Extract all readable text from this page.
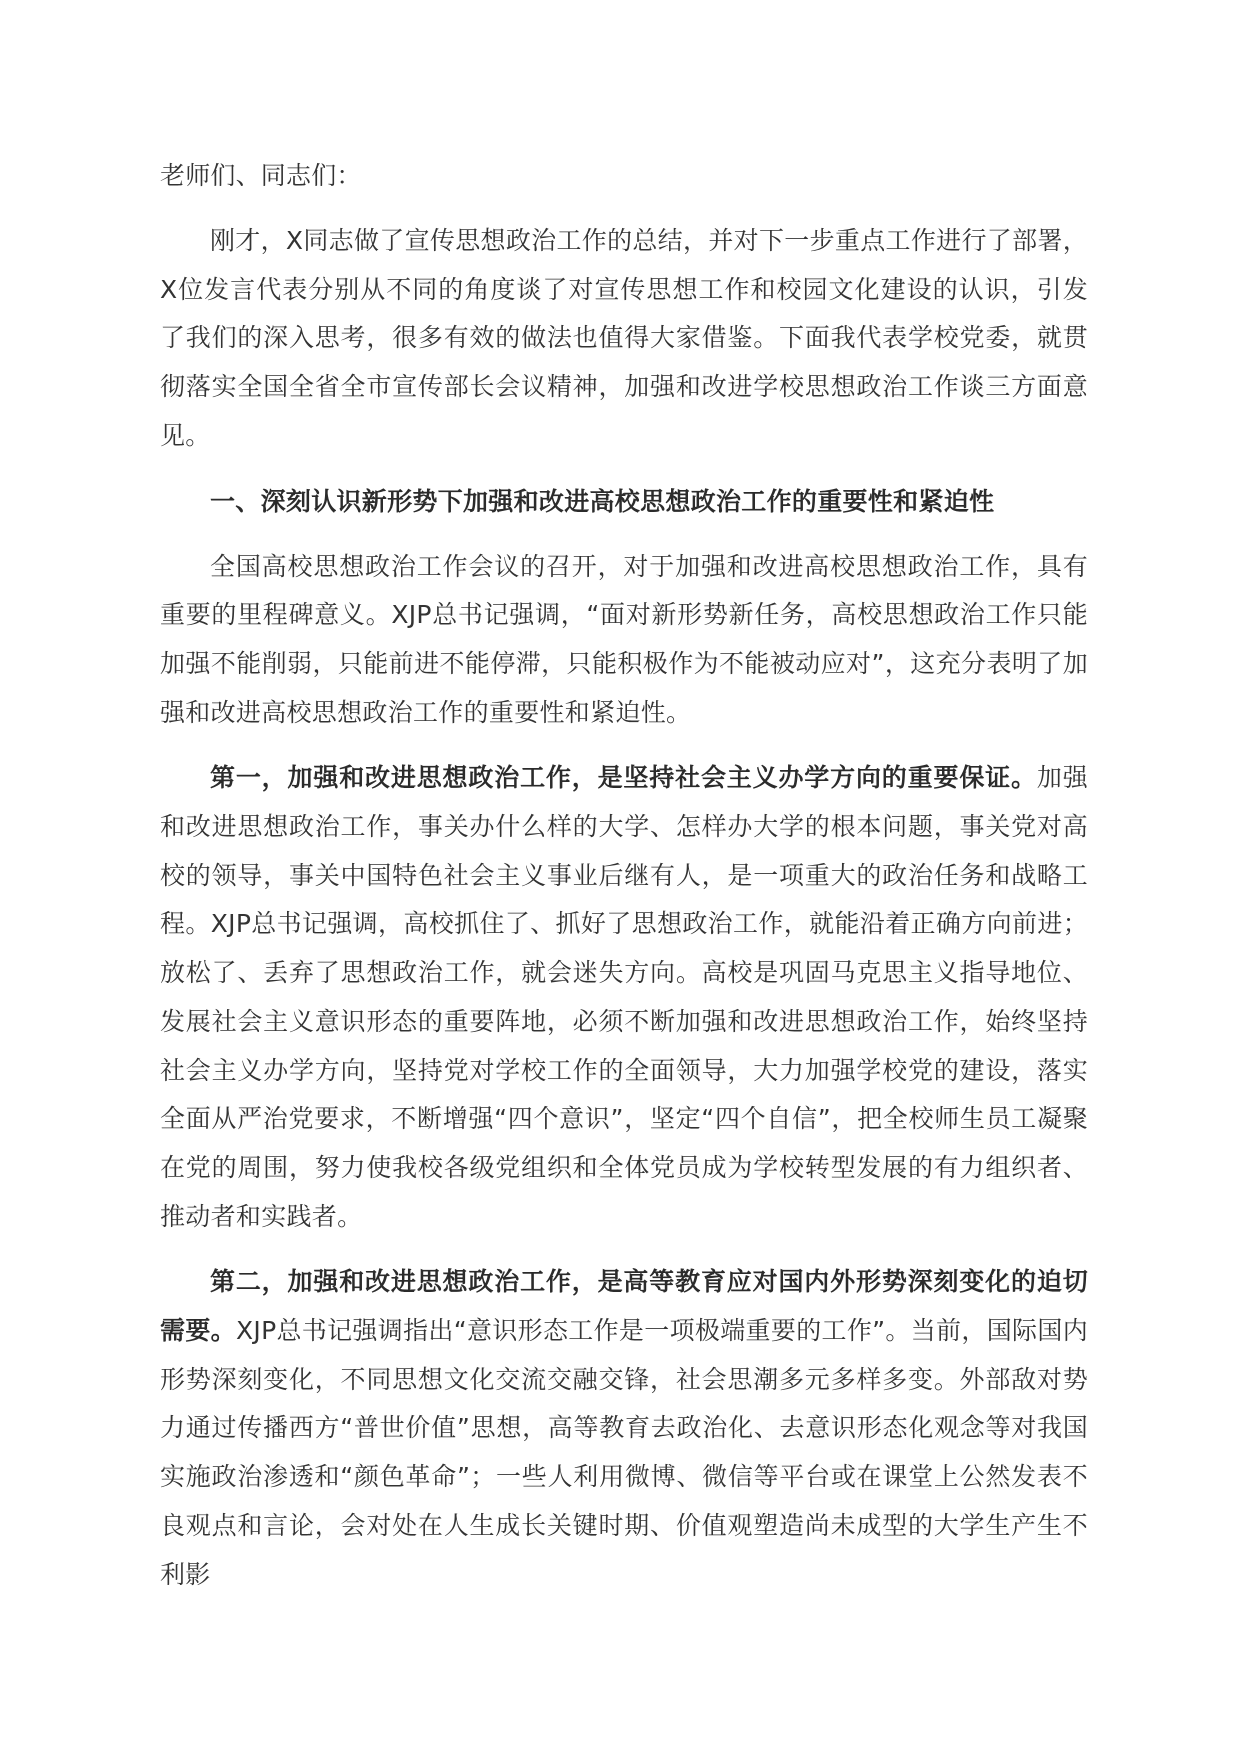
老师们、同志们：

刚才，X同志做了宣传思想政治工作的总结，并对下一步重点工作进行了部署，X位发言代表分别从不同的角度谈了对宣传思想工作和校园文化建设的认识，引发了我们的深入思考，很多有效的做法也值得大家借鉴。下面我代表学校党委，就贯彻落实全国全省全市宣传部长会议精神，加强和改进学校思想政治工作谈三方面意见。

一、深刻认识新形势下加强和改进高校思想政治工作的重要性和紧迫性

全国高校思想政治工作会议的召开，对于加强和改进高校思想政治工作，具有重要的里程碑意义。XJP总书记强调，“面对新形势新任务，高校思想政治工作只能加强不能削弱，只能前进不能停滞，只能积极作为不能被动应对”，这充分表明了加强和改进高校思想政治工作的重要性和紧迫性。

第一，加强和改进思想政治工作，是坚持社会主义办学方向的重要保证。加强和改进思想政治工作，事关办什么样的大学、怎样办大学的根本问题，事关党对高校的领导，事关中国特色社会主义事业后继有人，是一项重大的政治任务和战略工程。XJP总书记强调，高校抓住了、抓好了思想政治工作，就能沿着正确方向前进；放松了、丢弃了思想政治工作，就会迷失方向。高校是巩固马克思主义指导地位、发展社会主义意识形态的重要阵地，必须不断加强和改进思想政治工作，始终坚持社会主义办学方向，坚持党对学校工作的全面领导，大力加强学校党的建设，落实全面从严治党要求，不断增强“四个意识”，坚定“四个自信”，把全校师生员工凝聚在党的周围，努力使我校各级党组织和全体党员成为学校转型发展的有力组织者、推动者和实践者。

第二，加强和改进思想政治工作，是高等教育应对国内外形势深刻变化的迫切需要。XJP总书记强调指出“意识形态工作是一项极端重要的工作”。当前，国际国内形势深刻变化，不同思想文化交流交融交锋，社会思潮多元多样多变。外部敌对势力通过传播西方“普世价值”思想，高等教育去政治化、去意识形态化观念等对我国实施政治渗透和“颜色革命”；一些人利用微博、微信等平台或在课堂上公然发表不良观点和言论，会对处在人生成长关键时期、价值观塑造尚未成型的大学生产生不利影
